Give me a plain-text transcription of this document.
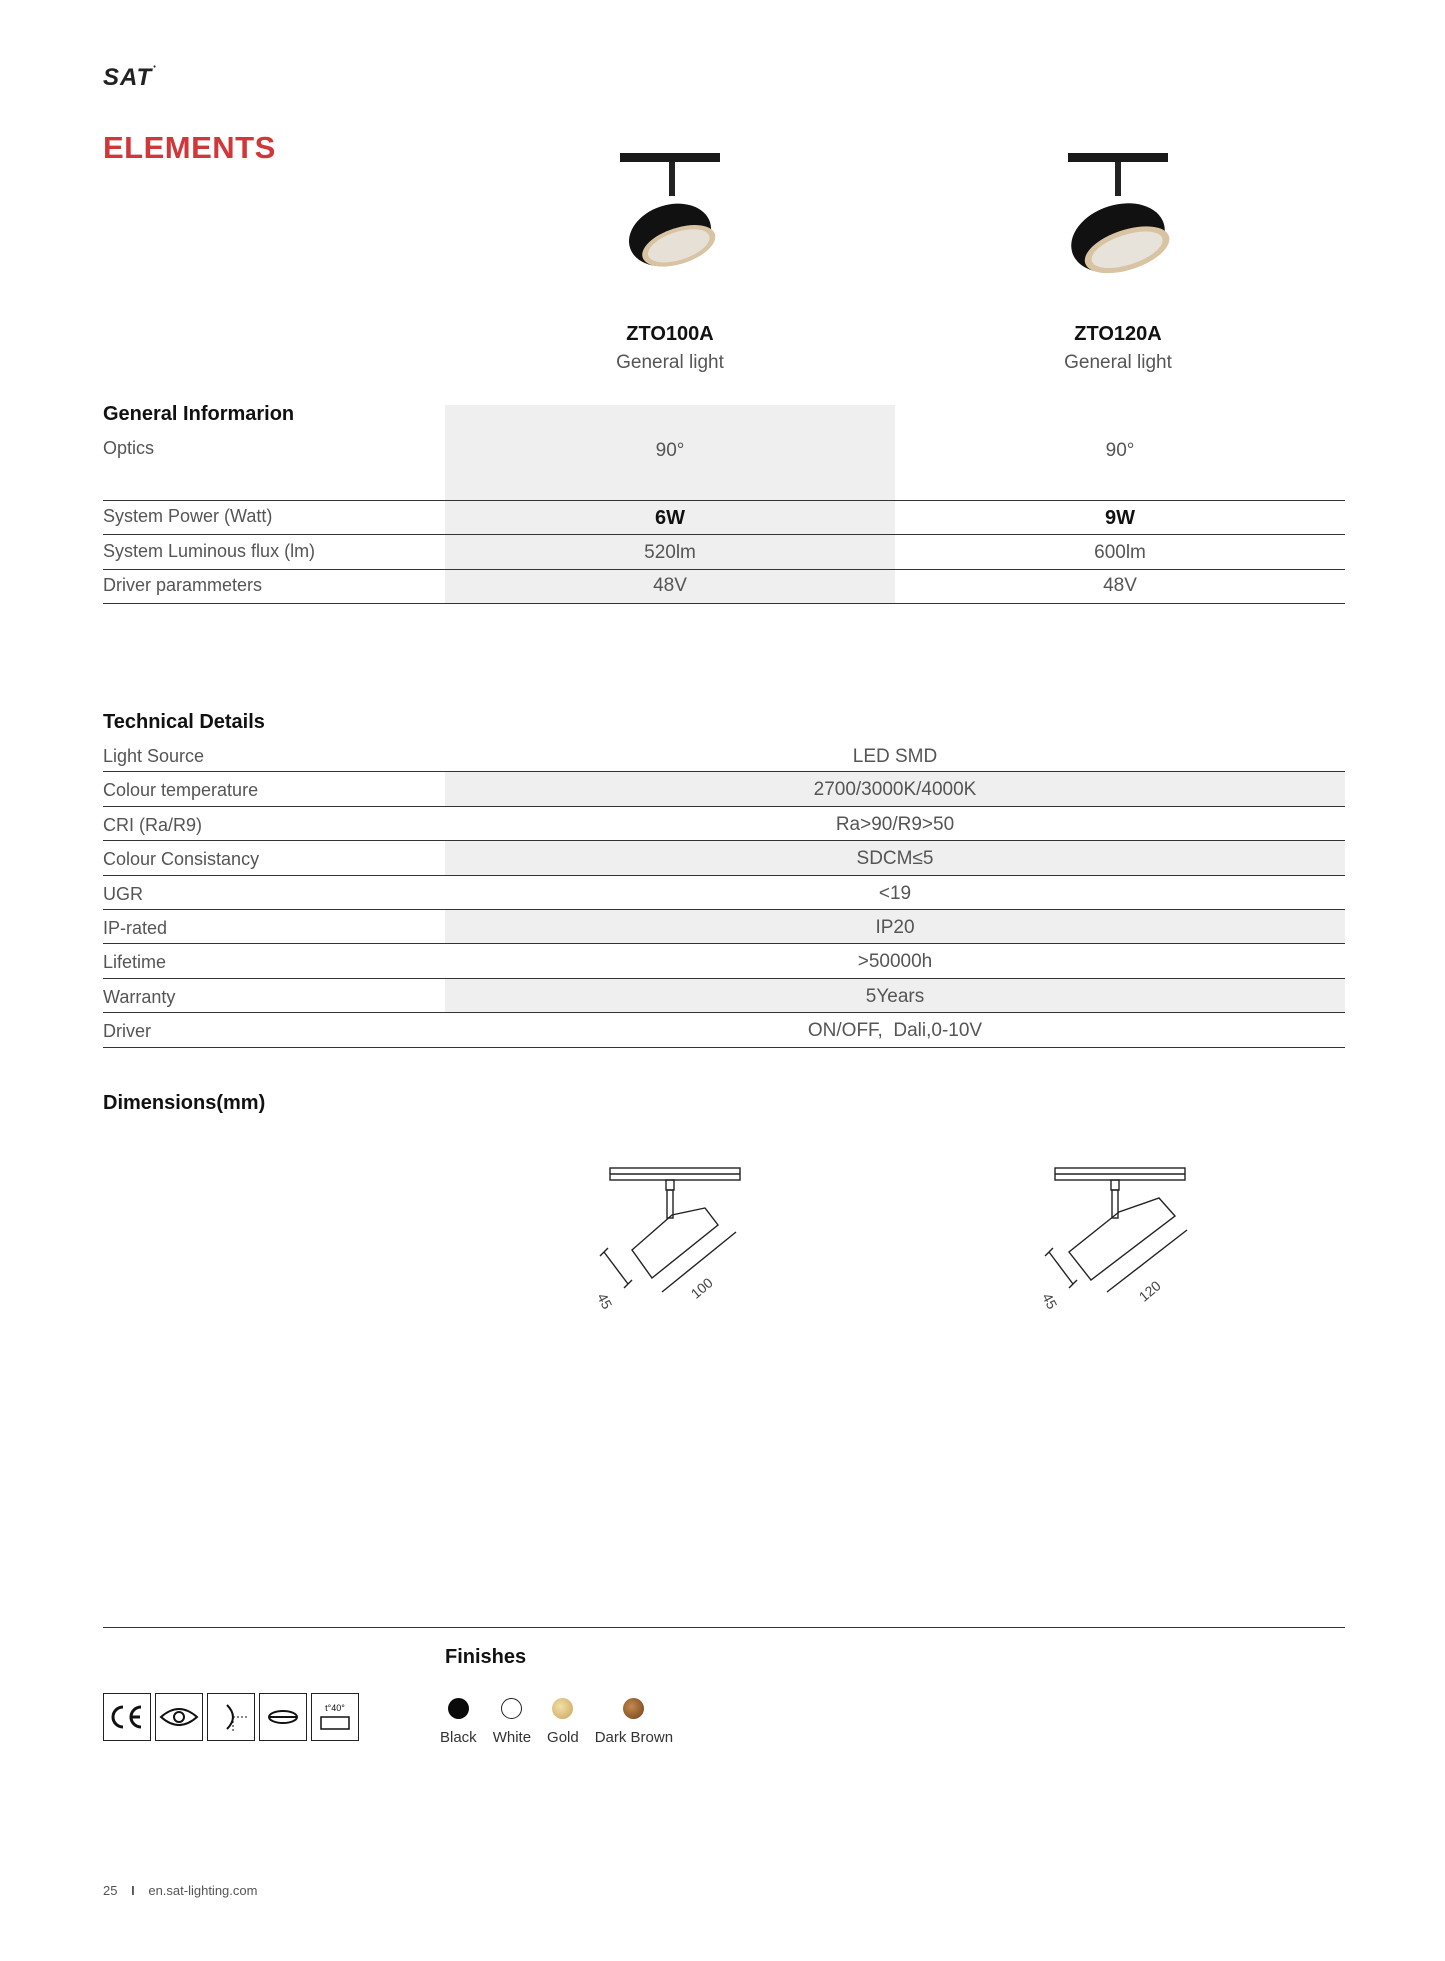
SAT•
ELEMENTS
ZTO100A
General light
ZTO120A
General light
General Informarion
Optics	90°	90°
System Power (Watt)	6W	9W
System Luminous flux (lm)	520lm	600lm
Driver parammeters	48V	48V
Technical Details
Light Source	LED SMD
Colour temperature	2700/3000K/4000K
CRI (Ra/R9)	Ra>90/R9>50
Colour Consistancy	SDCM≤5
UGR	<19
IP-rated	IP20
Lifetime	>50000h
Warranty	5Years
Driver	ON/OFF,  Dali,0-10V
Dimensions(mm)
45	100	45	120
t°40°
Finishes
Black White Gold Dark Brown
25 I en.sat-lighting.com
